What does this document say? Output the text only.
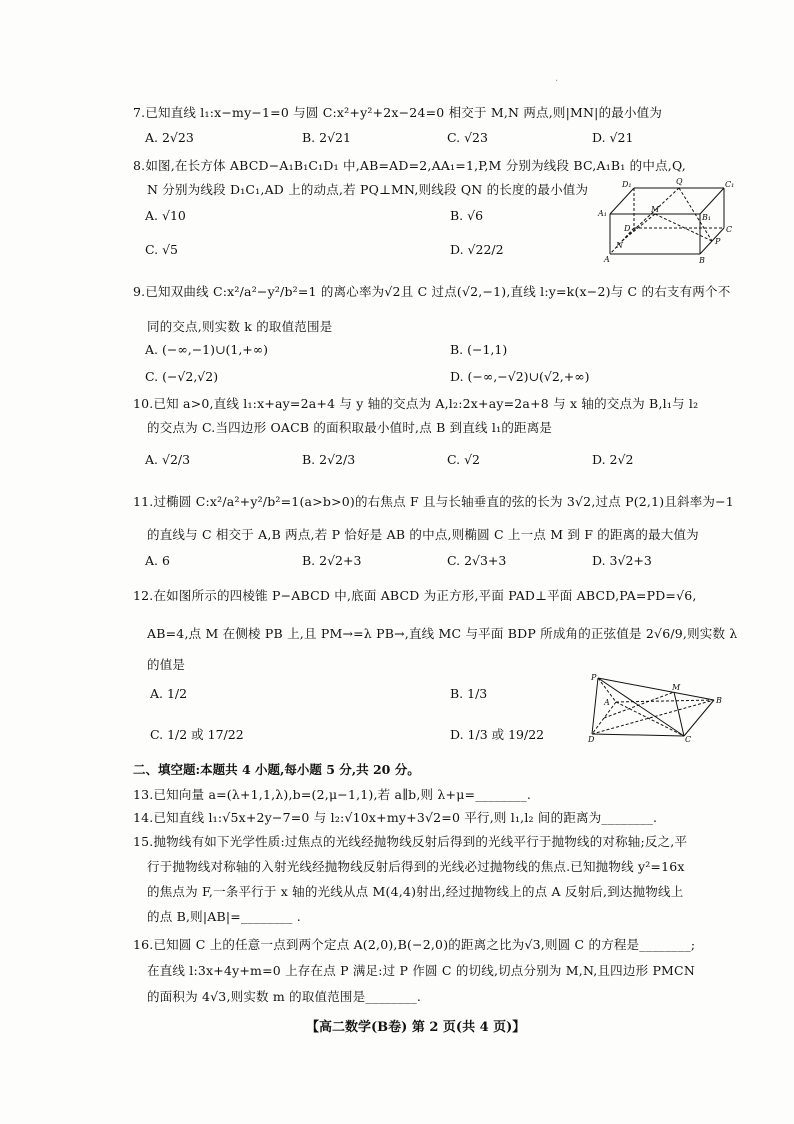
·
7.已知直线 l₁:x−my−1=0 与圆 C:x²+y²+2x−24=0 相交于 M,N 两点,则|MN|的最小值为
A. 2√23	B. 2√21	C. √23	D. √21
8.如图,在长方体 ABCD−A₁B₁C₁D₁ 中,AB=AD=2,AA₁=1,P,M 分别为线段 BC,A₁B₁ 的中点,Q,
N 分别为线段 D₁C₁,AD 上的动点,若 PQ⊥MN,则线段 QN 的长度的最小值为
A. √10	B. √6
C. √5	D. √22/2
D₁	Q	C₁
A₁	M
B₁
D
N
C
A
P
B
9.已知双曲线 C:x²/a²−y²/b²=1 的离心率为√2且 C 过点(√2,−1),直线 l:y=k(x−2)与 C 的右支有两个不
同的交点,则实数 k 的取值范围是
A. (−∞,−1)∪(1,+∞)	B. (−1,1)
C. (−√2,√2)	D. (−∞,−√2)∪(√2,+∞)
10.已知 a>0,直线 l₁:x+ay=2a+4 与 y 轴的交点为 A,l₂:2x+ay=2a+8 与 x 轴的交点为 B,l₁与 l₂
的交点为 C.当四边形 OACB 的面积取最小值时,点 B 到直线 l₁的距离是
A. √2/3	B. 2√2/3	C. √2	D. 2√2
11.过椭圆 C:x²/a²+y²/b²=1(a>b>0)的右焦点 F 且与长轴垂直的弦的长为 3√2,过点 P(2,1)且斜率为−1
的直线与 C 相交于 A,B 两点,若 P 恰好是 AB 的中点,则椭圆 C 上一点 M 到 F 的距离的最大值为
A. 6	B. 2√2+3	C. 2√3+3	D. 3√2+3
12.在如图所示的四棱锥 P−ABCD 中,底面 ABCD 为正方形,平面 PAD⊥平面 ABCD,PA=PD=√6,
AB=4,点 M 在侧棱 PB 上,且 PM→=λ PB→,直线 MC 与平面 BDP 所成角的正弦值是 2√6/9,则实数 λ
的值是
A. 1/2	B. 1/3
C. 1/2 或 17/22	D. 1/3 或 19/22
P
M
A	B
D	C
二、填空题:本题共 4 小题,每小题 5 分,共 20 分。
13.已知向量 a=(λ+1,1,λ),b=(2,μ−1,1),若 a∥b,则 λ+μ=________.
14.已知直线 l₁:√5x+2y−7=0 与 l₂:√10x+my+3√2=0 平行,则 l₁,l₂ 间的距离为________.
15.抛物线有如下光学性质:过焦点的光线经抛物线反射后得到的光线平行于抛物线的对称轴;反之,平
行于抛物线对称轴的入射光线经抛物线反射后得到的光线必过抛物线的焦点.已知抛物线 y²=16x
的焦点为 F,一条平行于 x 轴的光线从点 M(4,4)射出,经过抛物线上的点 A 反射后,到达抛物线上
的点 B,则|AB|=________ .
16.已知圆 C 上的任意一点到两个定点 A(2,0),B(−2,0)的距离之比为√3,则圆 C 的方程是________;
在直线 l:3x+4y+m=0 上存在点 P 满足:过 P 作圆 C 的切线,切点分别为 M,N,且四边形 PMCN
的面积为 4√3,则实数 m 的取值范围是________.
【高二数学(B卷) 第 2 页(共 4 页)】
